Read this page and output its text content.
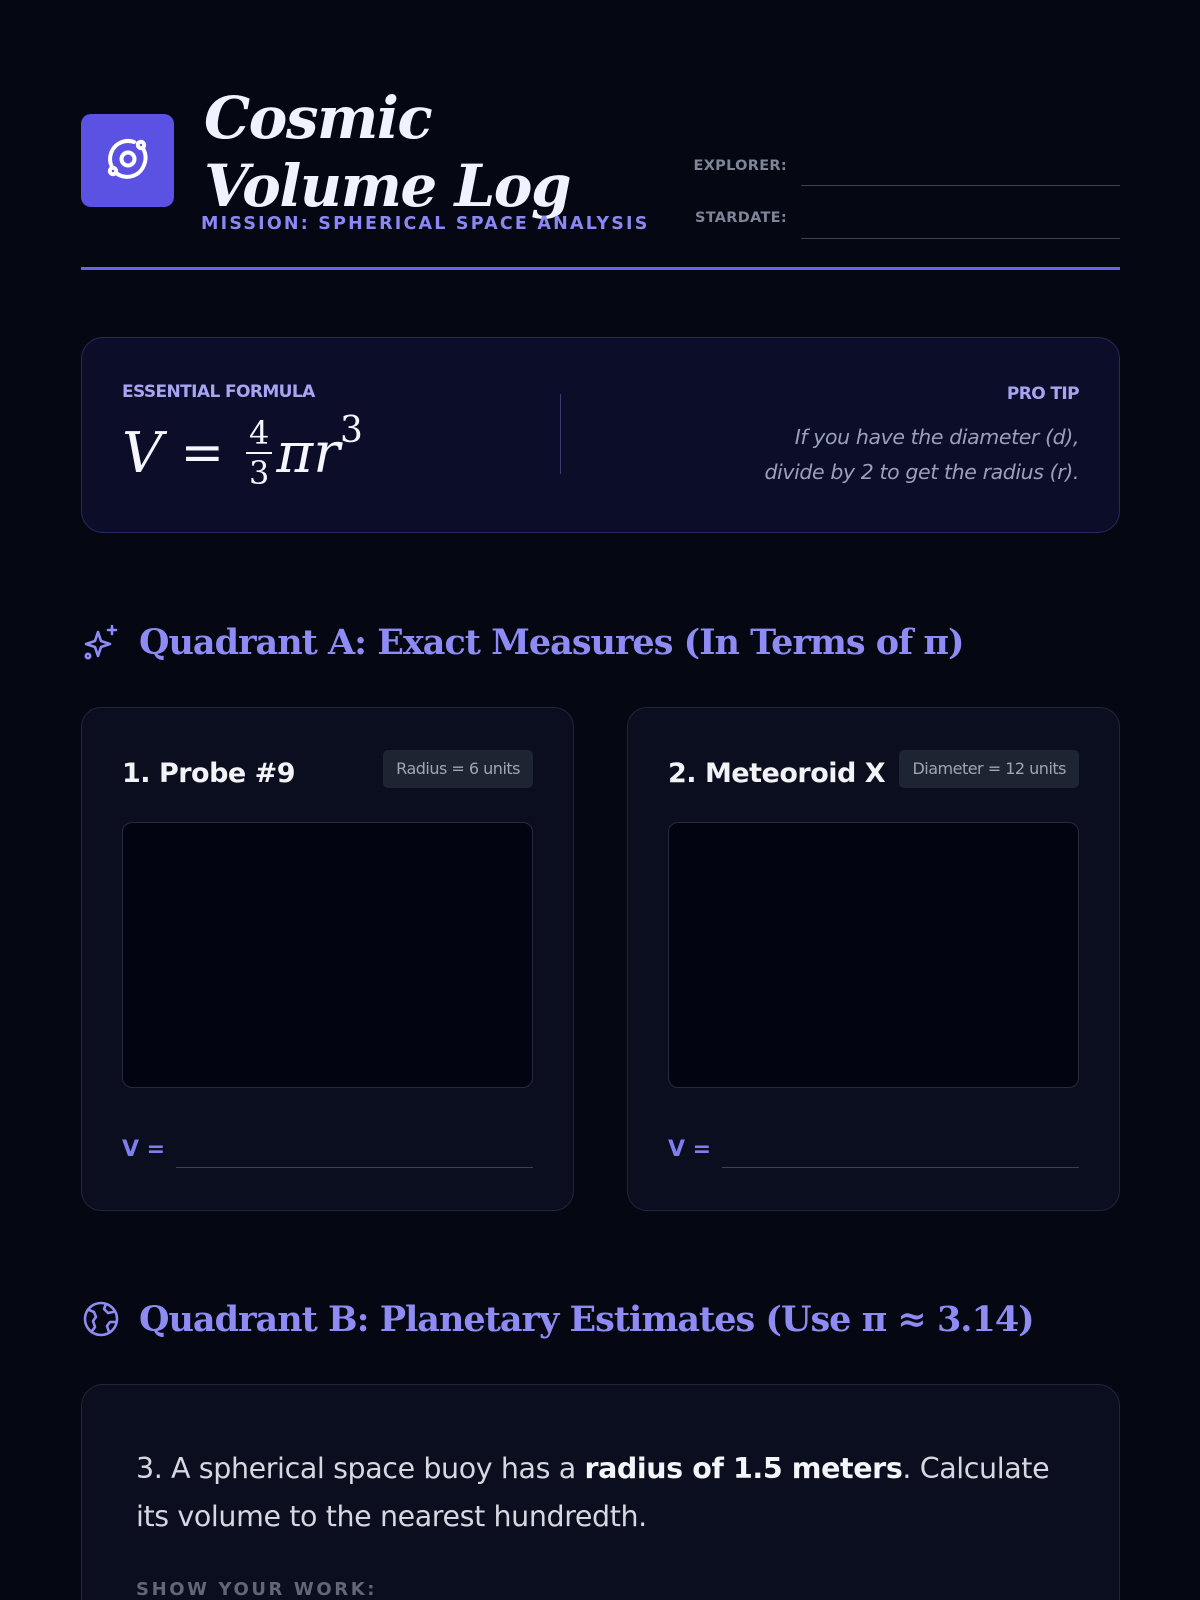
Cosmic Volume Log
MISSION: SPHERICAL SPACE ANALYSIS
EXPLORER:
STARDATE:
ESSENTIAL FORMULA
$V = \frac{4}{3}$ πr 3
PRO TIP
If you have the diameter (d),
divide by 2 to get the radius (r).
Quadrant A: Exact Measures (In Terms of π)
1. Probe #9	Radius = 6 units
V =
2. Meteoroid X	Diameter = 12 units
V =
Quadrant B: Planetary Estimates (Use π ≈ 3.14)
3. A spherical space buoy has a radius of 1.5 meters. Calculate its volume to the nearest hundredth.
SHOW YOUR WORK:
